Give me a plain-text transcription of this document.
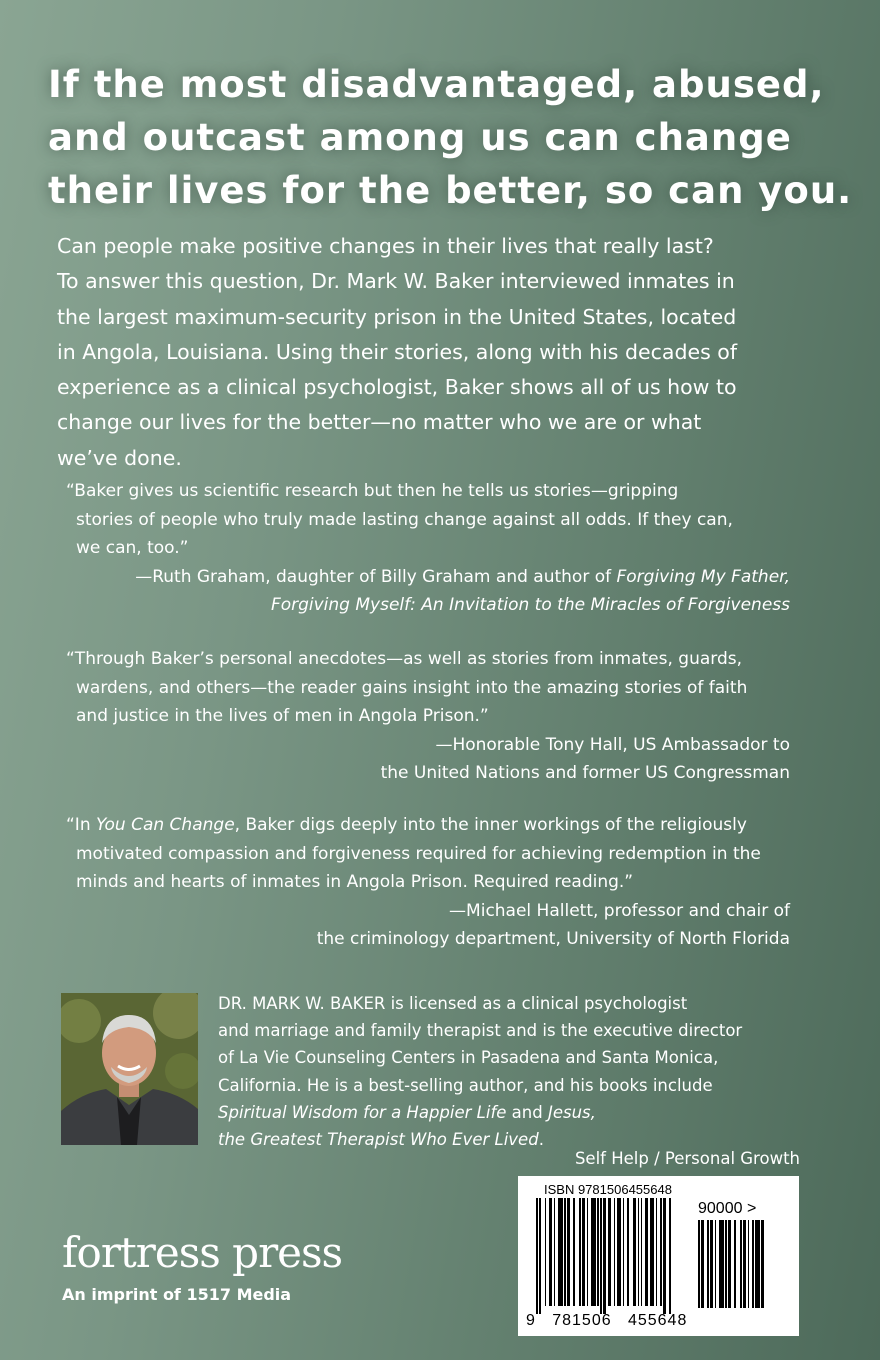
If the most disadvantaged, abused,
and outcast among us can change
their lives for the better, so can you.
Can people make positive changes in their lives that really last?
To answer this question, Dr. Mark W. Baker interviewed inmates in
the largest maximum-security prison in the United States, located
in Angola, Louisiana. Using their stories, along with his decades of
experience as a clinical psychologist, Baker shows all of us how to
change our lives for the better—no matter who we are or what
we’ve done.
“Baker gives us scientific research but then he tells us stories—gripping
stories of people who truly made lasting change against all odds. If they can,
we can, too.”
—Ruth Graham, daughter of Billy Graham and author of Forgiving My Father,
Forgiving Myself: An Invitation to the Miracles of Forgiveness
“Through Baker’s personal anecdotes—as well as stories from inmates, guards,
wardens, and others—the reader gains insight into the amazing stories of faith
and justice in the lives of men in Angola Prison.”
—Honorable Tony Hall, US Ambassador to
the United Nations and former US Congressman
“In You Can Change, Baker digs deeply into the inner workings of the religiously
motivated compassion and forgiveness required for achieving redemption in the
minds and hearts of inmates in Angola Prison. Required reading.”
—Michael Hallett, professor and chair of
the criminology department, University of North Florida
DR. MARK W. BAKER is licensed as a clinical psychologist
and marriage and family therapist and is the executive director
of La Vie Counseling Centers in Pasadena and Santa Monica,
California. He is a best-selling author, and his books include
Spiritual Wisdom for a Happier Life and Jesus,
the Greatest Therapist Who Ever Lived.
Self Help / Personal Growth
fortress press
An imprint of 1517 Media
ISBN 9781506455648
90000 >
9   781506   455648
